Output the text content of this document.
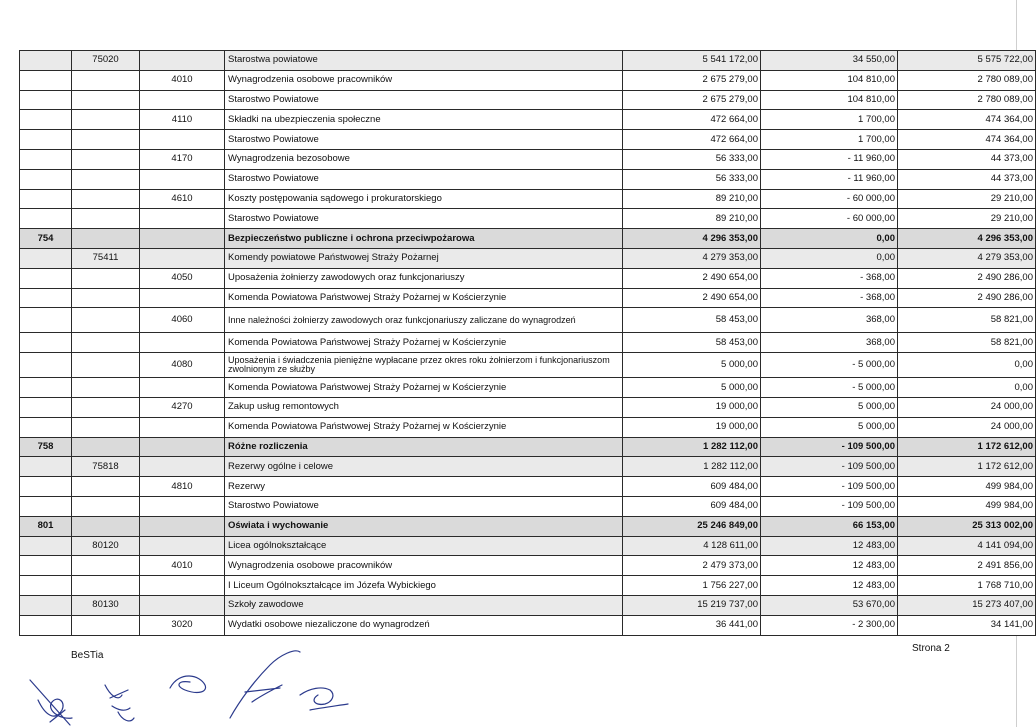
	75020		Starostwa powiatowe	5 541 172,00	34 550,00	5 575 722,00
		4010	Wynagrodzenia osobowe pracowników	2 675 279,00	104 810,00	2 780 089,00
			Starostwo Powiatowe	2 675 279,00	104 810,00	2 780 089,00
		4110	Składki na ubezpieczenia społeczne	472 664,00	1 700,00	474 364,00
			Starostwo Powiatowe	472 664,00	1 700,00	474 364,00
		4170	Wynagrodzenia bezosobowe	56 333,00	- 11 960,00	44 373,00
			Starostwo Powiatowe	56 333,00	- 11 960,00	44 373,00
		4610	Koszty postępowania sądowego i prokuratorskiego	89 210,00	- 60 000,00	29 210,00
			Starostwo Powiatowe	89 210,00	- 60 000,00	29 210,00
754			Bezpieczeństwo publiczne i ochrona przeciwpożarowa	4 296 353,00	0,00	4 296 353,00
	75411		Komendy powiatowe Państwowej Straży Pożarnej	4 279 353,00	0,00	4 279 353,00
		4050	Uposażenia żołnierzy zawodowych oraz funkcjonariuszy	2 490 654,00	- 368,00	2 490 286,00
			Komenda Powiatowa Państwowej Straży Pożarnej w Kościerzynie	2 490 654,00	- 368,00	2 490 286,00
		4060	Inne należności żołnierzy zawodowych oraz funkcjonariuszy zaliczane do wynagrodzeń	58 453,00	368,00	58 821,00
			Komenda Powiatowa Państwowej Straży Pożarnej w Kościerzynie	58 453,00	368,00	58 821,00
		4080	Uposażenia i świadczenia pieniężne wypłacane przez okres roku żołnierzom i funkcjonariuszom zwolnionym ze służby	5 000,00	- 5 000,00	0,00
			Komenda Powiatowa Państwowej Straży Pożarnej w Kościerzynie	5 000,00	- 5 000,00	0,00
		4270	Zakup usług remontowych	19 000,00	5 000,00	24 000,00
			Komenda Powiatowa Państwowej Straży Pożarnej w Kościerzynie	19 000,00	5 000,00	24 000,00
758			Różne rozliczenia	1 282 112,00	- 109 500,00	1 172 612,00
	75818		Rezerwy ogólne i celowe	1 282 112,00	- 109 500,00	1 172 612,00
		4810	Rezerwy	609 484,00	- 109 500,00	499 984,00
			Starostwo Powiatowe	609 484,00	- 109 500,00	499 984,00
801			Oświata i wychowanie	25 246 849,00	66 153,00	25 313 002,00
	80120		Licea ogólnokształcące	4 128 611,00	12 483,00	4 141 094,00
		4010	Wynagrodzenia osobowe pracowników	2 479 373,00	12 483,00	2 491 856,00
			I Liceum Ogólnokształcące im Józefa Wybickiego	1 756 227,00	12 483,00	1 768 710,00
	80130		Szkoły zawodowe	15 219 737,00	53 670,00	15 273 407,00
		3020	Wydatki osobowe niezaliczone do wynagrodzeń	36 441,00	- 2 300,00	34 141,00
BeSTia
Strona 2
